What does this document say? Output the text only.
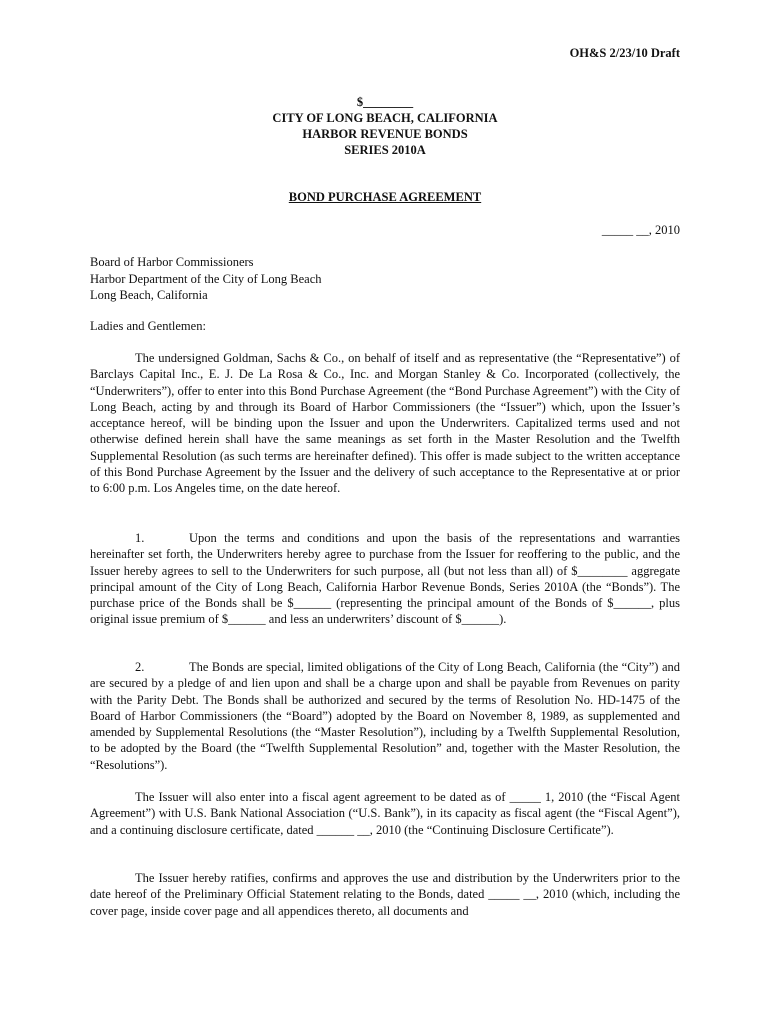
OH&S 2/23/10 Draft
$________
CITY OF LONG BEACH, CALIFORNIA
HARBOR REVENUE BONDS
SERIES 2010A
BOND PURCHASE AGREEMENT
_____ __, 2010
Board of Harbor Commissioners
Harbor Department of the City of Long Beach
Long Beach, California
Ladies and Gentlemen:

The undersigned Goldman, Sachs & Co., on behalf of itself and as representative (the “Representative”) of Barclays Capital Inc., E. J. De La Rosa & Co., Inc. and Morgan Stanley & Co. Incorporated (collectively, the “Underwriters”), offer to enter into this Bond Purchase Agreement (the “Bond Purchase Agreement”) with the City of Long Beach, acting by and through its Board of Harbor Commissioners (the “Issuer”) which, upon the Issuer’s acceptance hereof, will be binding upon the Issuer and upon the Underwriters. Capitalized terms used and not otherwise defined herein shall have the same meanings as set forth in the Master Resolution and the Twelfth Supplemental Resolution (as such terms are hereinafter defined). This offer is made subject to the written acceptance of this Bond Purchase Agreement by the Issuer and the delivery of such acceptance to the Representative at or prior to 6:00 p.m. Los Angeles time, on the date hereof.

1.	Upon the terms and conditions and upon the basis of the representations and warranties hereinafter set forth, the Underwriters hereby agree to purchase from the Issuer for reoffering to the public, and the Issuer hereby agrees to sell to the Underwriters for such purpose, all (but not less than all) of $________ aggregate principal amount of the City of Long Beach, California Harbor Revenue Bonds, Series 2010A (the “Bonds”). The purchase price of the Bonds shall be $______ (representing the principal amount of the Bonds of $______, plus original issue premium of $______ and less an underwriters’ discount of $______).

2.	The Bonds are special, limited obligations of the City of Long Beach, California (the “City”) and are secured by a pledge of and lien upon and shall be a charge upon and shall be payable from Revenues on parity with the Parity Debt. The Bonds shall be authorized and secured by the terms of Resolution No. HD-1475 of the Board of Harbor Commissioners (the “Board”) adopted by the Board on November 8, 1989, as supplemented and amended by Supplemental Resolutions (the “Master Resolution”), including by a Twelfth Supplemental Resolution, to be adopted by the Board (the “Twelfth Supplemental Resolution” and, together with the Master Resolution, the “Resolutions”).

The Issuer will also enter into a fiscal agent agreement to be dated as of _____ 1, 2010 (the “Fiscal Agent Agreement”) with U.S. Bank National Association (“U.S. Bank”), in its capacity as fiscal agent (the “Fiscal Agent”), and a continuing disclosure certificate, dated ______ __, 2010 (the “Continuing Disclosure Certificate”).

The Issuer hereby ratifies, confirms and approves the use and distribution by the Underwriters prior to the date hereof of the Preliminary Official Statement relating to the Bonds, dated _____ __, 2010 (which, including the cover page, inside cover page and all appendices thereto, all documents and
